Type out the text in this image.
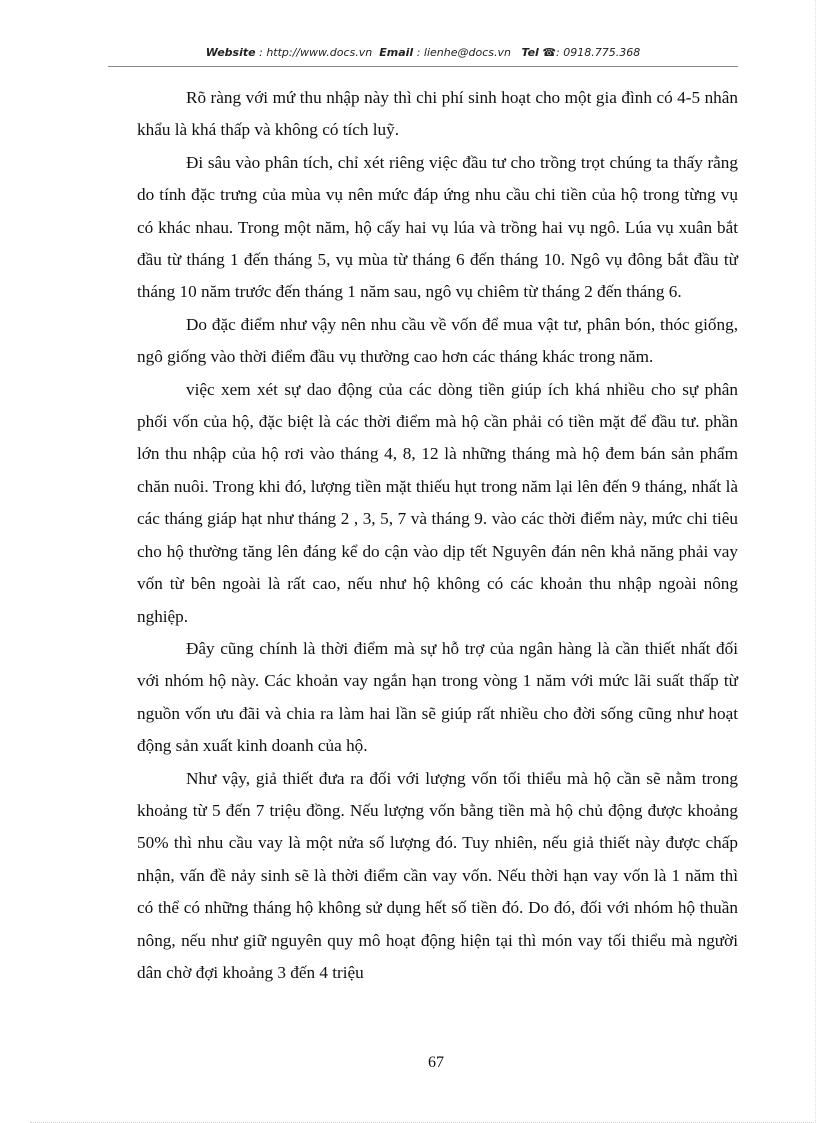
Website : http://www.docs.vn Email : lienhe@docs.vn Tel ☎: 0918.775.368

Rõ ràng với mứ thu nhập này thì chi phí sinh hoạt cho một gia đình có 4-5 nhân khẩu là khá thấp và không có tích luỹ.

Đi sâu vào phân tích, chỉ xét riêng việc đầu tư cho trồng trọt chúng ta thấy rằng do tính đặc trưng của mùa vụ nên mức đáp ứng nhu cầu chi tiền của hộ trong từng vụ có khác nhau. Trong một năm, hộ cấy hai vụ lúa và trồng hai vụ ngô. Lúa vụ xuân bắt đầu từ tháng 1 đến tháng 5, vụ mùa từ tháng 6 đến tháng 10. Ngô vụ đông bắt đầu từ tháng 10 năm trước đến tháng 1 năm sau, ngô vụ chiêm từ tháng 2 đến tháng 6.

Do đặc điểm như vậy nên nhu cầu về vốn để mua vật tư, phân bón, thóc giống, ngô giống vào thời điểm đầu vụ thường cao hơn các tháng khác trong năm.

việc xem xét sự dao động của các dòng tiền giúp ích khá nhiều cho sự phân phối vốn của hộ, đặc biệt là các thời điểm mà hộ cần phải có tiền mặt để đầu tư. phần lớn thu nhập của hộ rơi vào tháng 4, 8, 12 là những tháng mà hộ đem bán sản phẩm chăn nuôi. Trong khi đó, lượng tiền mặt thiếu hụt trong năm lại lên đến 9 tháng, nhất là các tháng giáp hạt như tháng 2 , 3, 5, 7 và tháng 9. vào các thời điểm này, mức chi tiêu cho hộ thường tăng lên đáng kể do cận vào dịp tết Nguyên đán nên khả năng phải vay vốn từ bên ngoài là rất cao, nếu như hộ không có các khoản thu nhập ngoài nông nghiệp.

Đây cũng chính là thời điểm mà sự hỗ trợ của ngân hàng là cần thiết nhất đối với nhóm hộ này. Các khoản vay ngắn hạn trong vòng 1 năm với mức lãi suất thấp từ nguồn vốn ưu đãi và chia ra làm hai lần sẽ giúp rất nhiều cho đời sống cũng như hoạt động sản xuất kinh doanh của hộ.

Như vậy, giả thiết đưa ra đối với lượng vốn tối thiểu mà hộ cần sẽ nằm trong khoảng từ 5 đến 7 triệu đồng. Nếu lượng vốn bằng tiền mà hộ chủ động được khoảng 50% thì nhu cầu vay là một nửa số lượng đó. Tuy nhiên, nếu giả thiết này được chấp nhận, vấn đề nảy sinh sẽ là thời điểm cần vay vốn. Nếu thời hạn vay vốn là 1 năm thì có thể có những tháng hộ không sử dụng hết số tiền đó. Do đó, đối với nhóm hộ thuần nông, nếu như giữ nguyên quy mô hoạt động hiện tại thì món vay tối thiểu mà người dân chờ đợi khoảng 3 đến 4 triệu

67
